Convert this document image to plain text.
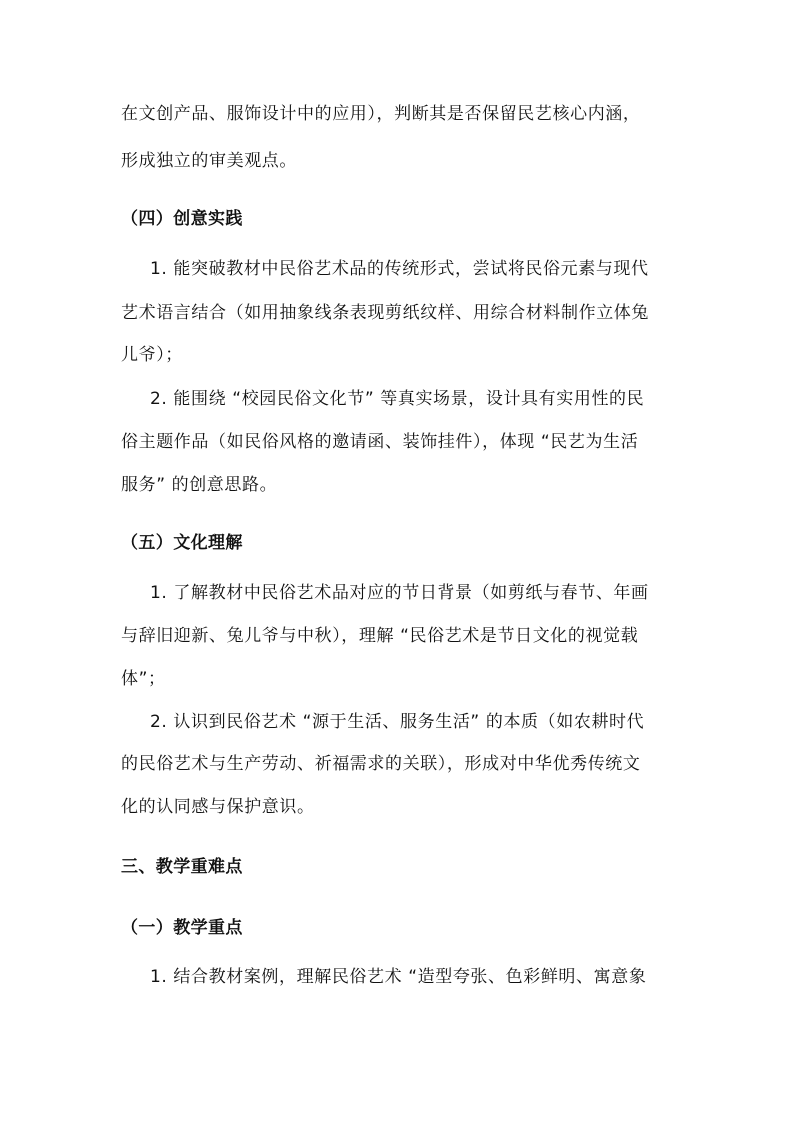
在文创产品、服饰设计中的应用），判断其是否保留民艺核心内涵，
形成独立的审美观点。
（四）创意实践
1. 能突破教材中民俗艺术品的传统形式，尝试将民俗元素与现代
艺术语言结合（如用抽象线条表现剪纸纹样、用综合材料制作立体兔
儿爷）；
2. 能围绕 “校园民俗文化节” 等真实场景，设计具有实用性的民
俗主题作品（如民俗风格的邀请函、装饰挂件），体现 “民艺为生活
服务” 的创意思路。
（五）文化理解
1. 了解教材中民俗艺术品对应的节日背景（如剪纸与春节、年画
与辞旧迎新、兔儿爷与中秋），理解 “民俗艺术是节日文化的视觉载
体”；
2. 认识到民俗艺术 “源于生活、服务生活” 的本质（如农耕时代
的民俗艺术与生产劳动、祈福需求的关联），形成对中华优秀传统文
化的认同感与保护意识。
三、教学重难点
（一）教学重点
1. 结合教材案例，理解民俗艺术 “造型夸张、色彩鲜明、寓意象
